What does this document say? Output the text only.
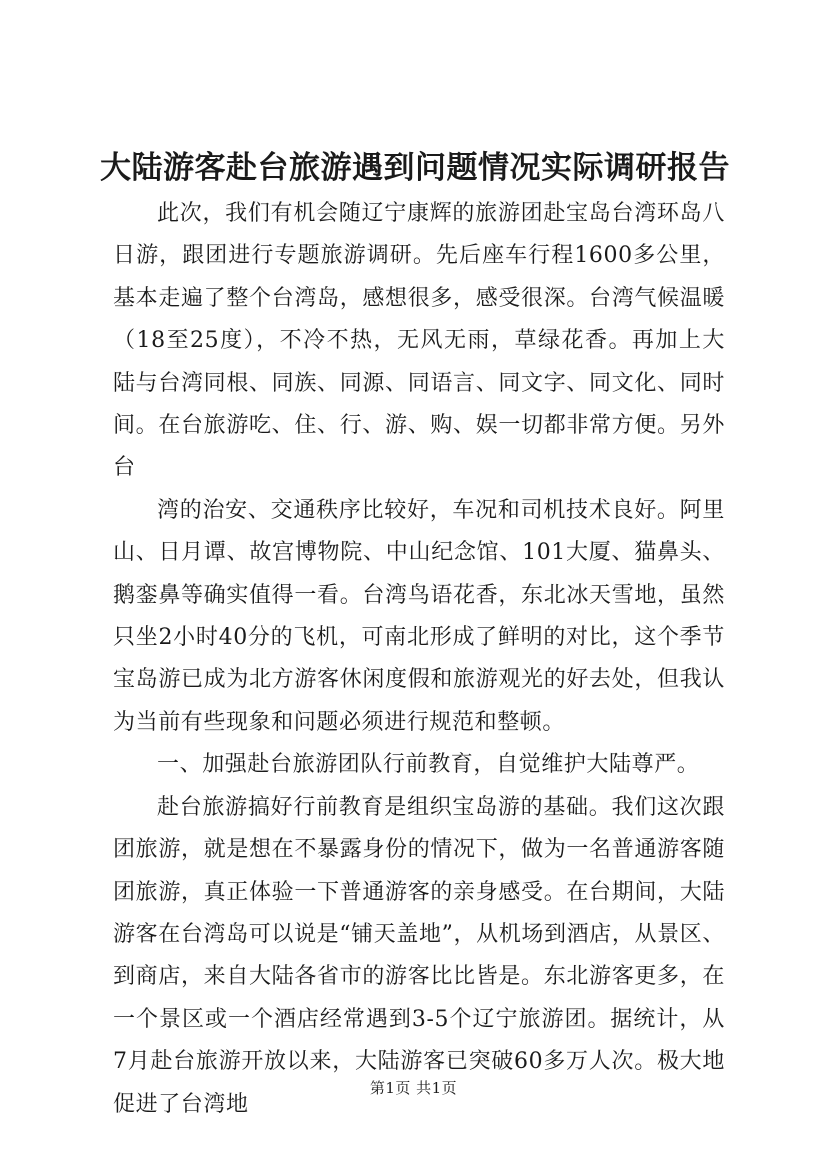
大陆游客赴台旅游遇到问题情况实际调研报告

此次，我们有机会随辽宁康辉的旅游团赴宝岛台湾环岛八日游，跟团进行专题旅游调研。先后座车行程1600多公里，基本走遍了整个台湾岛，感想很多，感受很深。台湾气候温暖（18至25度），不冷不热，无风无雨，草绿花香。再加上大陆与台湾同根、同族、同源、同语言、同文字、同文化、同时间。在台旅游吃、住、行、游、购、娱一切都非常方便。另外台

湾的治安、交通秩序比较好，车况和司机技术良好。阿里山、日月谭、故宫博物院、中山纪念馆、101大厦、猫鼻头、鹅銮鼻等确实值得一看。台湾鸟语花香，东北冰天雪地，虽然只坐2小时40分的飞机，可南北形成了鲜明的对比，这个季节宝岛游已成为北方游客休闲度假和旅游观光的好去处，但我认为当前有些现象和问题必须进行规范和整顿。

一、加强赴台旅游团队行前教育，自觉维护大陆尊严。

赴台旅游搞好行前教育是组织宝岛游的基础。我们这次跟团旅游，就是想在不暴露身份的情况下，做为一名普通游客随团旅游，真正体验一下普通游客的亲身感受。在台期间，大陆游客在台湾岛可以说是“铺天盖地”，从机场到酒店，从景区、到商店，来自大陆各省市的游客比比皆是。东北游客更多，在一个景区或一个酒店经常遇到3-5个辽宁旅游团。据统计，从7月赴台旅游开放以来，大陆游客已突破60多万人次。极大地促进了台湾地

第1页 共1页
